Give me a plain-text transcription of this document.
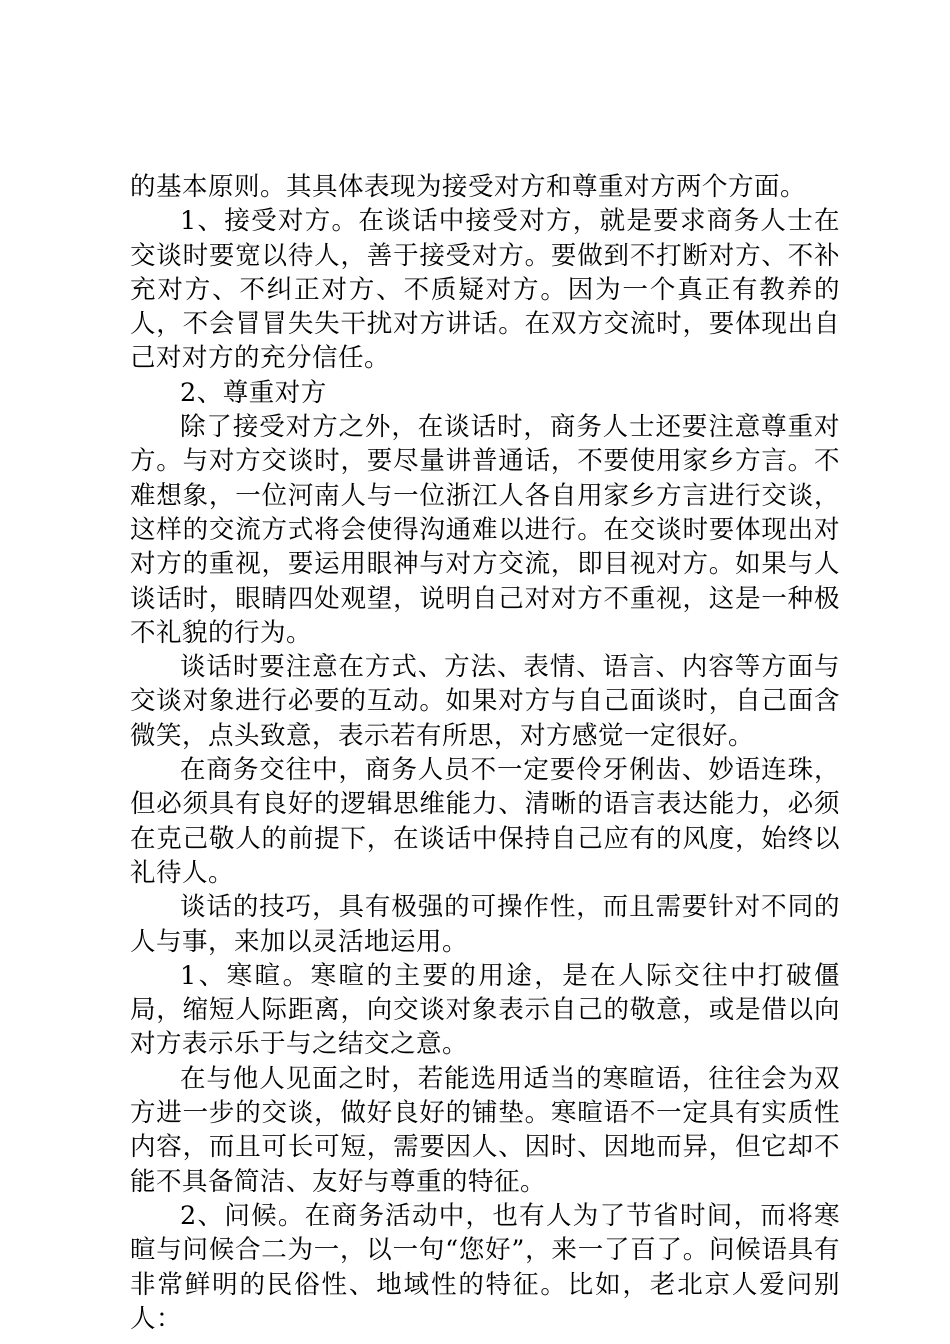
的基本原则。其具体表现为接受对方和尊重对方两个方面。

1、接受对方。在谈话中接受对方，就是要求商务人士在交谈时要宽以待人，善于接受对方。要做到不打断对方、不补充对方、不纠正对方、不质疑对方。因为一个真正有教养的人，不会冒冒失失干扰对方讲话。在双方交流时，要体现出自己对对方的充分信任。

2、尊重对方

除了接受对方之外，在谈话时，商务人士还要注意尊重对方。与对方交谈时，要尽量讲普通话，不要使用家乡方言。不难想象，一位河南人与一位浙江人各自用家乡方言进行交谈，这样的交流方式将会使得沟通难以进行。在交谈时要体现出对对方的重视，要运用眼神与对方交流，即目视对方。如果与人谈话时，眼睛四处观望，说明自己对对方不重视，这是一种极不礼貌的行为。

谈话时要注意在方式、方法、表情、语言、内容等方面与交谈对象进行必要的互动。如果对方与自己面谈时，自己面含微笑，点头致意，表示若有所思，对方感觉一定很好。

在商务交往中，商务人员不一定要伶牙俐齿、妙语连珠，但必须具有良好的逻辑思维能力、清晰的语言表达能力，必须在克己敬人的前提下，在谈话中保持自己应有的风度，始终以礼待人。

谈话的技巧，具有极强的可操作性，而且需要针对不同的人与事，来加以灵活地运用。

1、寒暄。寒暄的主要的用途，是在人际交往中打破僵局，缩短人际距离，向交谈对象表示自己的敬意，或是借以向对方表示乐于与之结交之意。

在与他人见面之时，若能选用适当的寒暄语，往往会为双方进一步的交谈，做好良好的铺垫。寒暄语不一定具有实质性内容，而且可长可短，需要因人、因时、因地而异，但它却不能不具备简洁、友好与尊重的特征。

2、问候。在商务活动中，也有人为了节省时间，而将寒暄与问候合二为一，以一句“您好”，来一了百了。问候语具有非常鲜明的民俗性、地域性的特征。比如，老北京人爱问别人：
